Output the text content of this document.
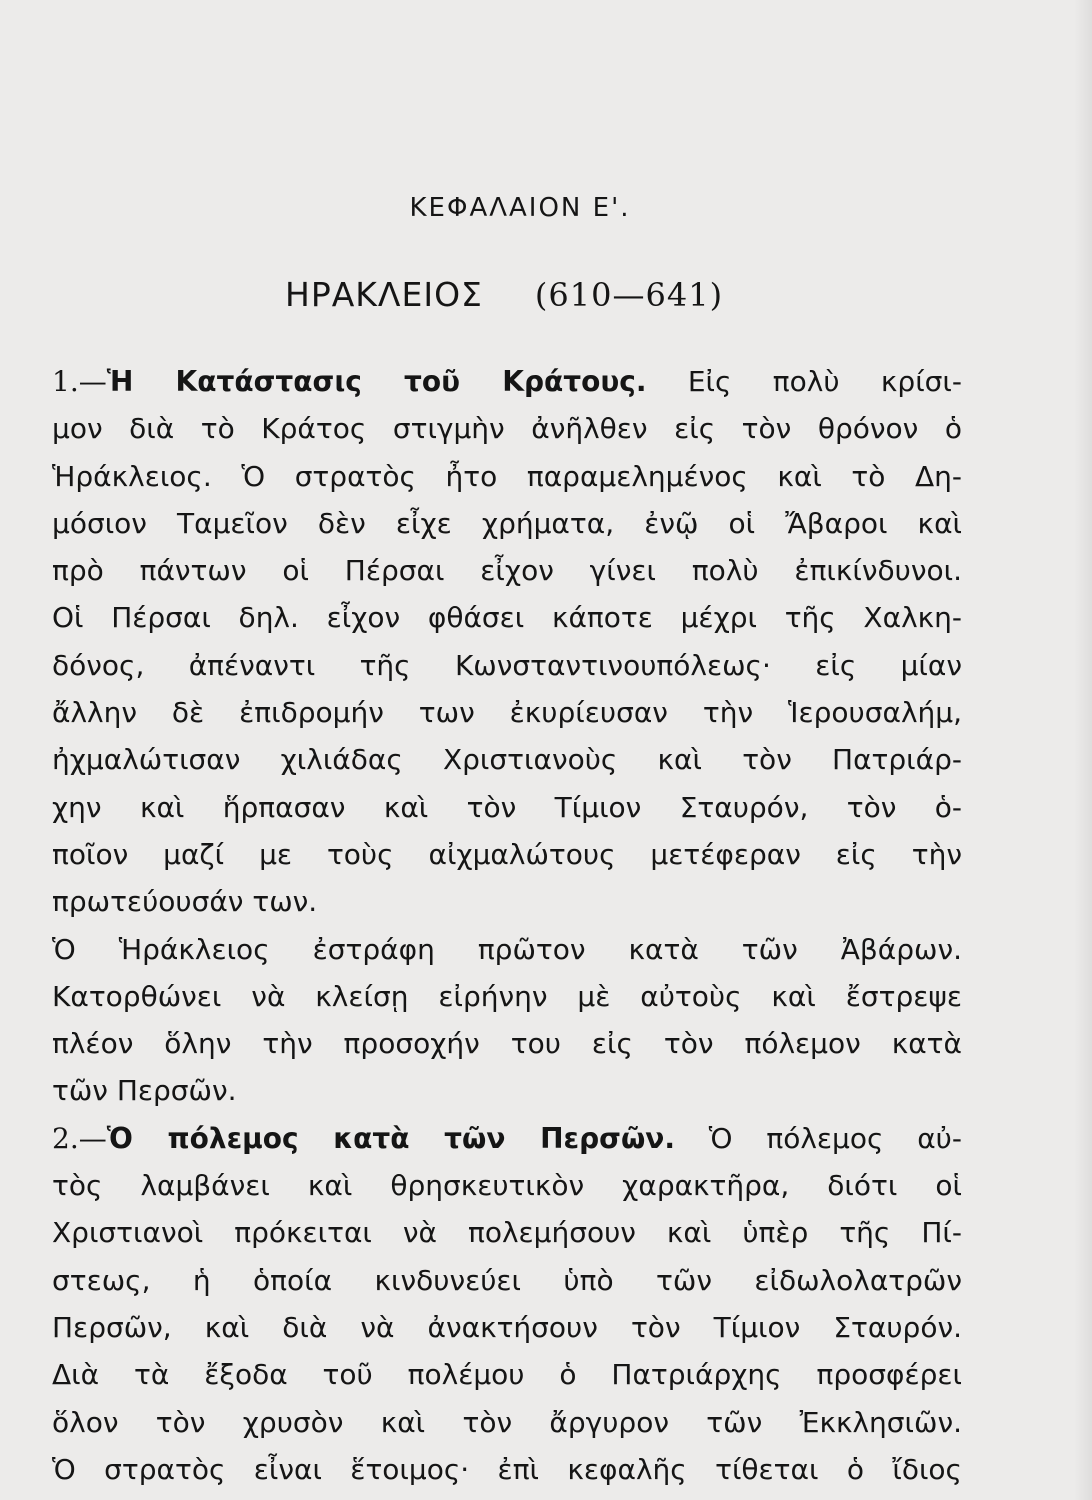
ΚΕΦΑΛΑΙΟΝ Ε'.
ΗΡΑΚΛΕΙΟΣ (610—641)
1.—Ἡ Κατάστασις τοῦ Κράτους. Εἰς πολὺ κρίσι-
μον διὰ τὸ Κράτος στιγμὴν ἀνῆλθεν εἰς τὸν θρόνον ὁ
Ἡράκλειος. Ὁ στρατὸς ἦτο παραμελημένος καὶ τὸ Δη-
μόσιον Ταμεῖον δὲν εἶχε χρήματα, ἐνῷ οἱ Ἄβαροι καὶ
πρὸ πάντων οἱ Πέρσαι εἶχον γίνει πολὺ ἐπικίνδυνοι.
Οἱ Πέρσαι δηλ. εἶχον φθάσει κάποτε μέχρι τῆς Χαλκη-
δόνος, ἀπέναντι τῆς Κωνσταντινουπόλεως· εἰς μίαν
ἄλλην δὲ ἐπιδρομήν των ἐκυρίευσαν τὴν Ἱερουσαλήμ,
ἠχμαλώτισαν χιλιάδας Χριστιανοὺς καὶ τὸν Πατριάρ-
χην καὶ ἥρπασαν καὶ τὸν Τίμιον Σταυρόν, τὸν ὁ-
ποῖον μαζί με τοὺς αἰχμαλώτους μετέφεραν εἰς τὴν
πρωτεύουσάν των.
Ὁ Ἡράκλειος ἐστράφη πρῶτον κατὰ τῶν Ἀβάρων.
Κατορθώνει νὰ κλείσῃ εἰρήνην μὲ αὐτοὺς καὶ ἔστρεψε
πλέον ὅλην τὴν προσοχήν του εἰς τὸν πόλεμον κατὰ
τῶν Περσῶν.
2.—Ὁ πόλεμος κατὰ τῶν Περσῶν. Ὁ πόλεμος αὐ-
τὸς λαμβάνει καὶ θρησκευτικὸν χαρακτῆρα, διότι οἱ
Χριστιανοὶ πρόκειται νὰ πολεμήσουν καὶ ὑπὲρ τῆς Πί-
στεως, ἡ ὁποία κινδυνεύει ὑπὸ τῶν εἰδωλολατρῶν
Περσῶν, καὶ διὰ νὰ ἀνακτήσουν τὸν Τίμιον Σταυρόν.
Διὰ τὰ ἔξοδα τοῦ πολέμου ὁ Πατριάρχης προσφέρει
ὅλον τὸν χρυσὸν καὶ τὸν ἄργυρον τῶν Ἐκκλησιῶν.
Ὁ στρατὸς εἶναι ἕτοιμος· ἐπὶ κεφαλῆς τίθεται ὁ ἴδιος
